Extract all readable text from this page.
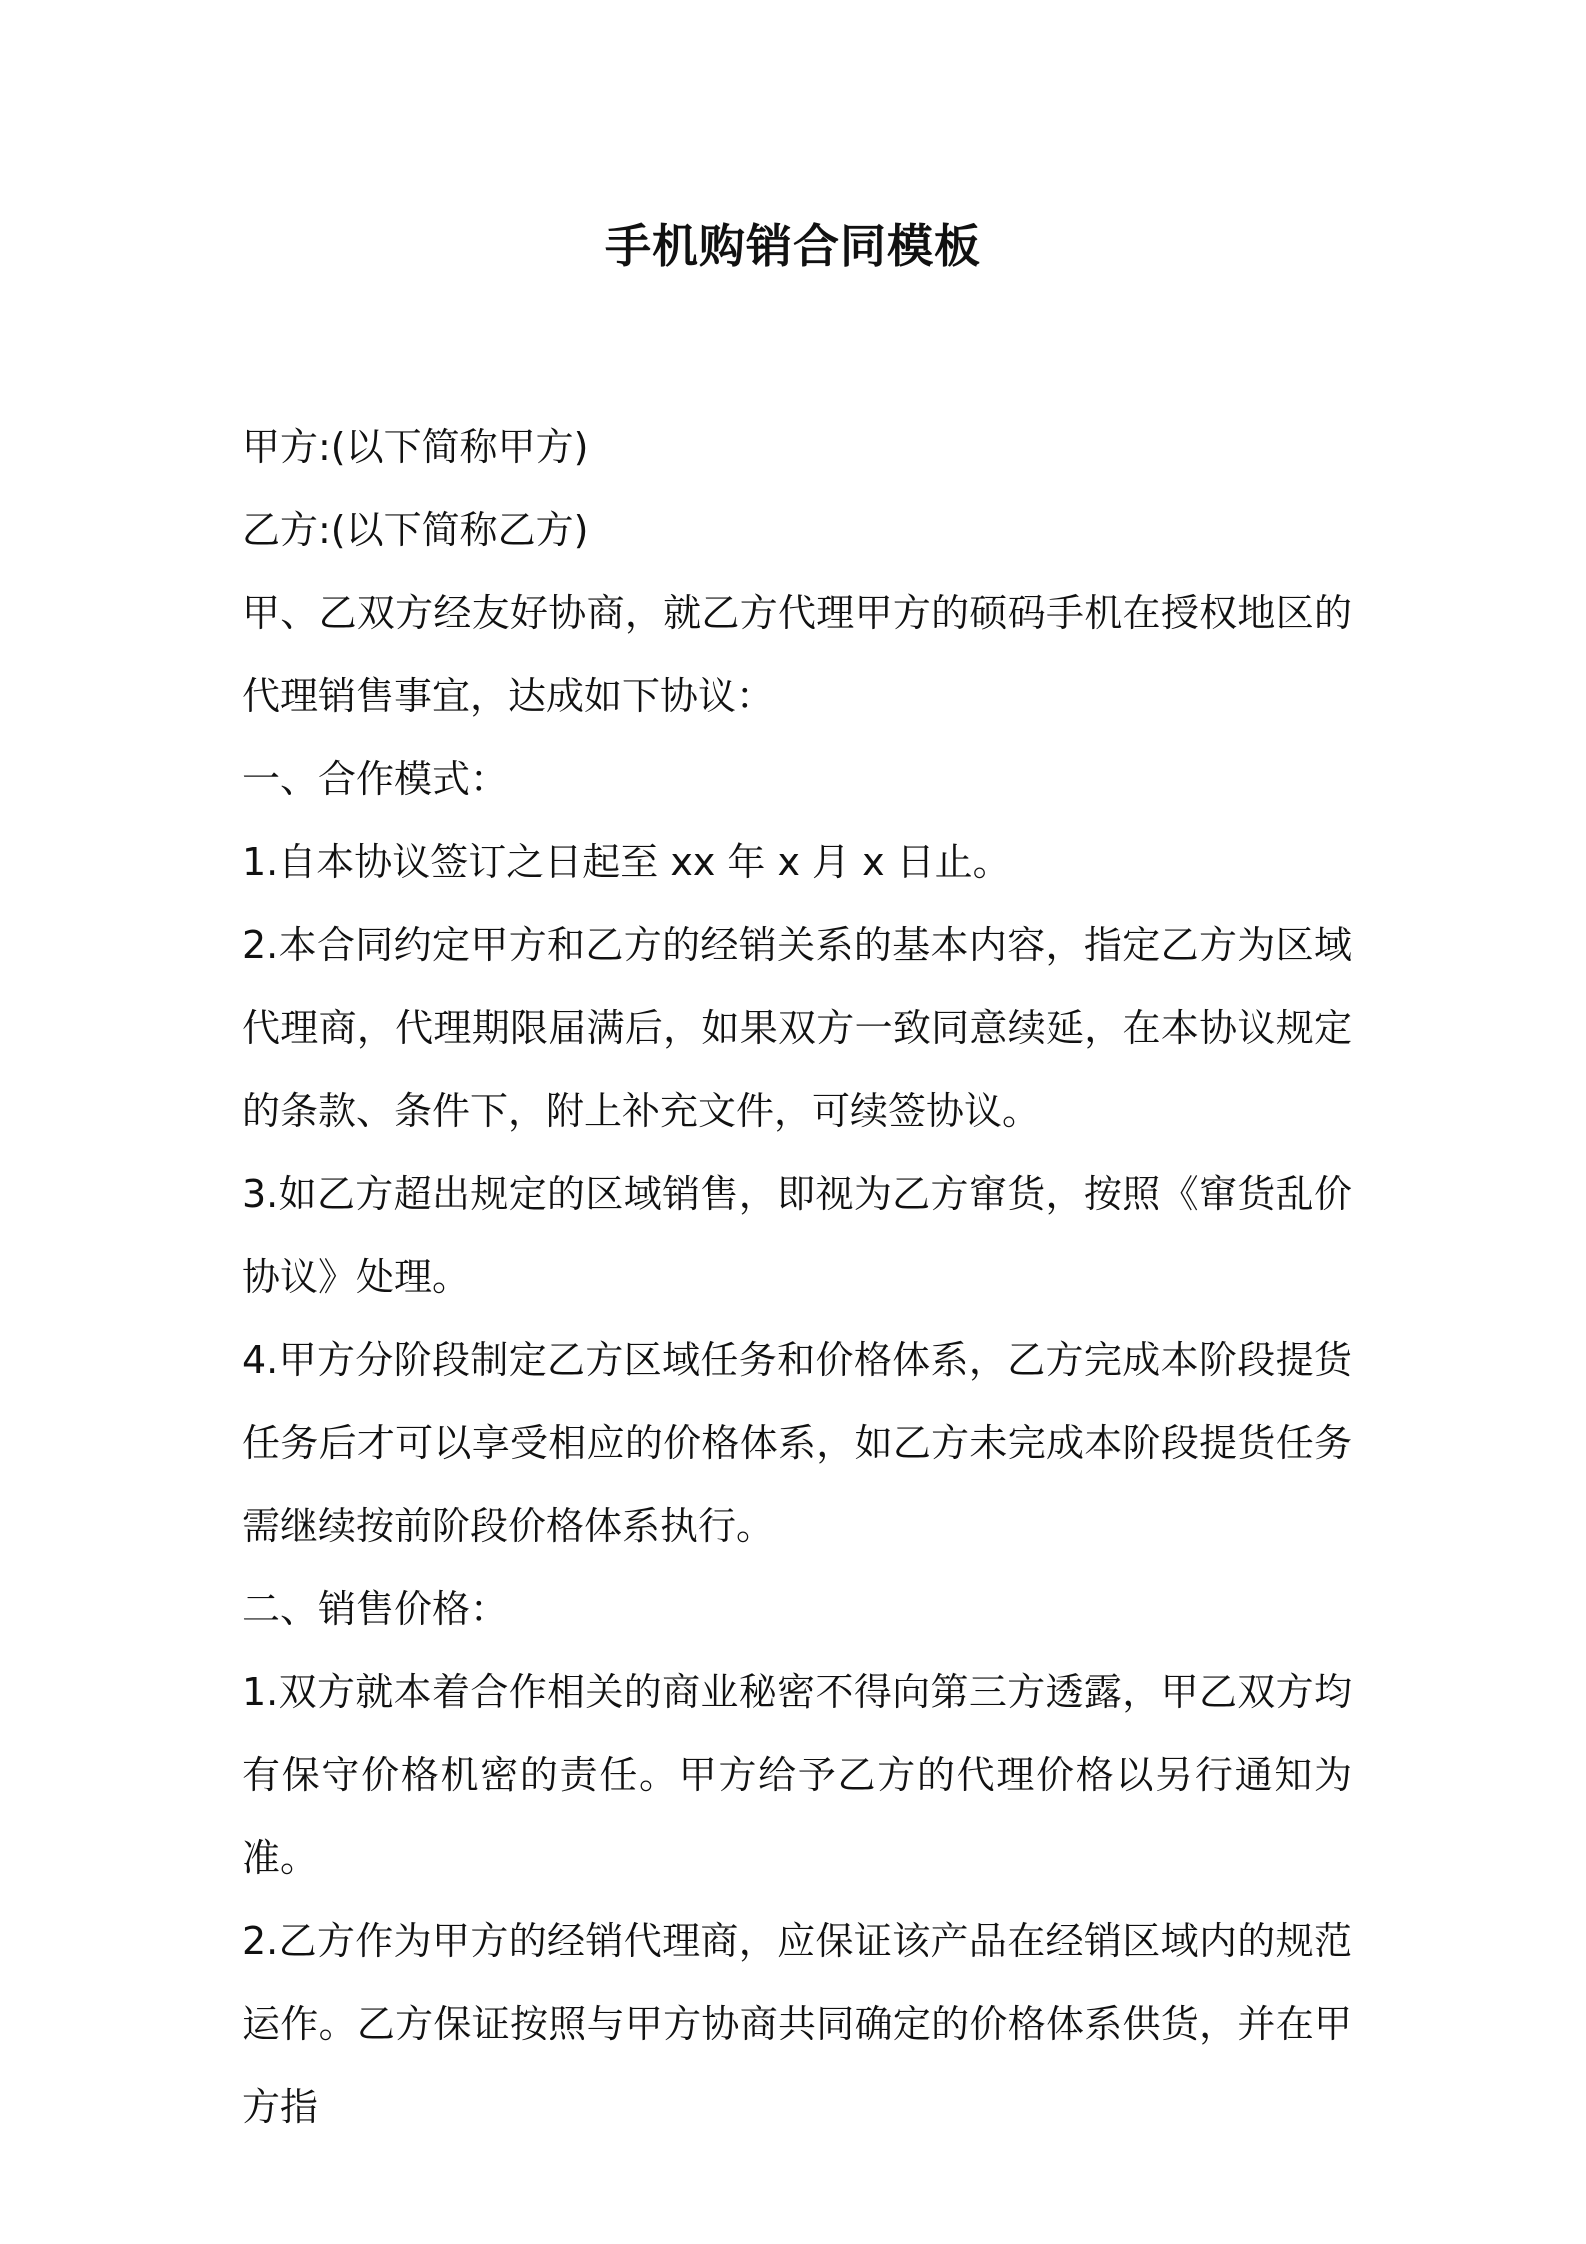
手机购销合同模板

甲方:(以下简称甲方)

乙方:(以下简称乙方)

甲、乙双方经友好协商，就乙方代理甲方的硕码手机在授权地区的代理销售事宜，达成如下协议：

一、合作模式：

1.自本协议签订之日起至 xx 年 x 月 x 日止。

2.本合同约定甲方和乙方的经销关系的基本内容，指定乙方为区域代理商，代理期限届满后，如果双方一致同意续延，在本协议规定的条款、条件下，附上补充文件，可续签协议。

3.如乙方超出规定的区域销售，即视为乙方窜货，按照《窜货乱价协议》处理。

4.甲方分阶段制定乙方区域任务和价格体系，乙方完成本阶段提货任务后才可以享受相应的价格体系，如乙方未完成本阶段提货任务需继续按前阶段价格体系执行。

二、销售价格：

1.双方就本着合作相关的商业秘密不得向第三方透露，甲乙双方均有保守价格机密的责任。甲方给予乙方的代理价格以另行通知为准。

2.乙方作为甲方的经销代理商，应保证该产品在经销区域内的规范运作。乙方保证按照与甲方协商共同确定的价格体系供货，并在甲方指
